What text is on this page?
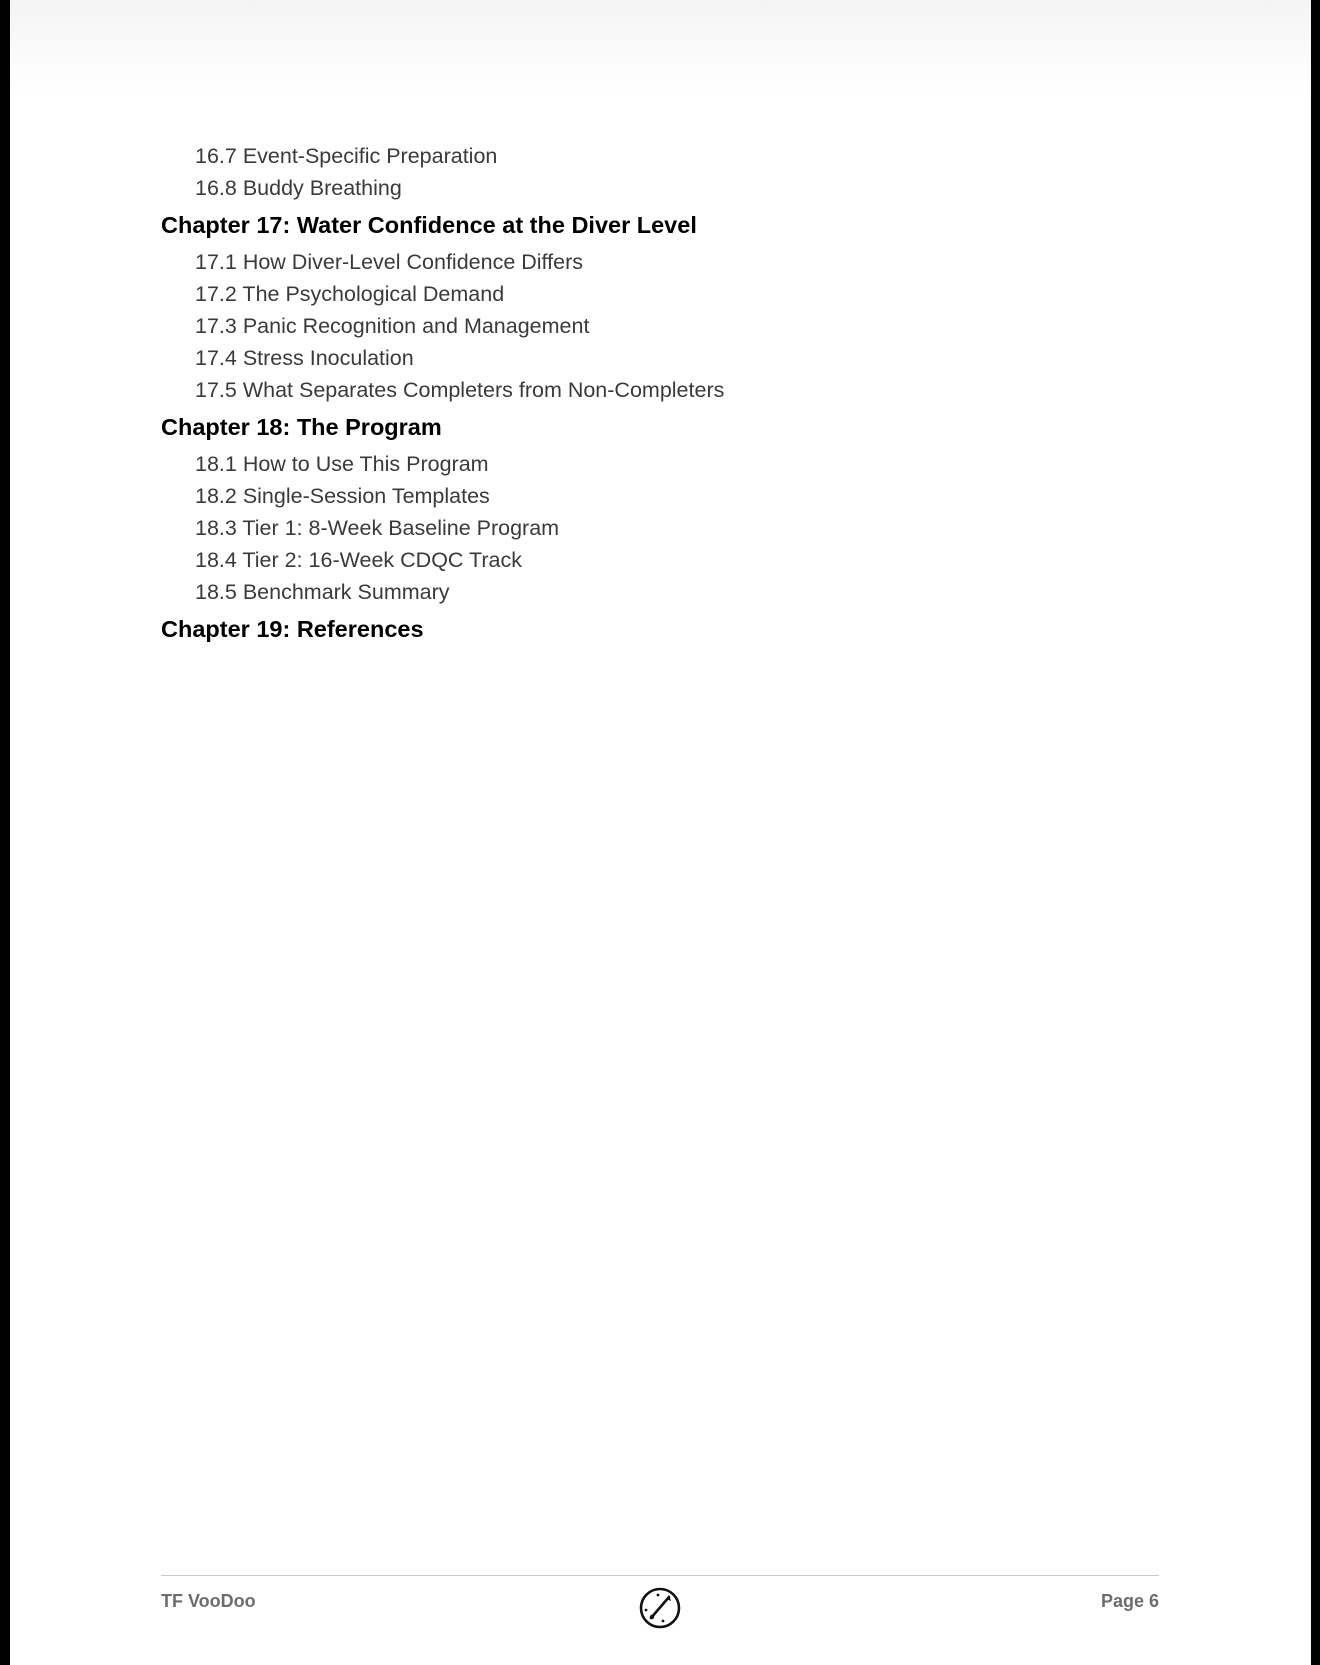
16.7 Event-Specific Preparation
16.8 Buddy Breathing
Chapter 17: Water Confidence at the Diver Level
17.1 How Diver-Level Confidence Differs
17.2 The Psychological Demand
17.3 Panic Recognition and Management
17.4 Stress Inoculation
17.5 What Separates Completers from Non-Completers
Chapter 18: The Program
18.1 How to Use This Program
18.2 Single-Session Templates
18.3 Tier 1: 8-Week Baseline Program
18.4 Tier 2: 16-Week CDQC Track
18.5 Benchmark Summary
Chapter 19: References
TF VooDoo	Page 6
